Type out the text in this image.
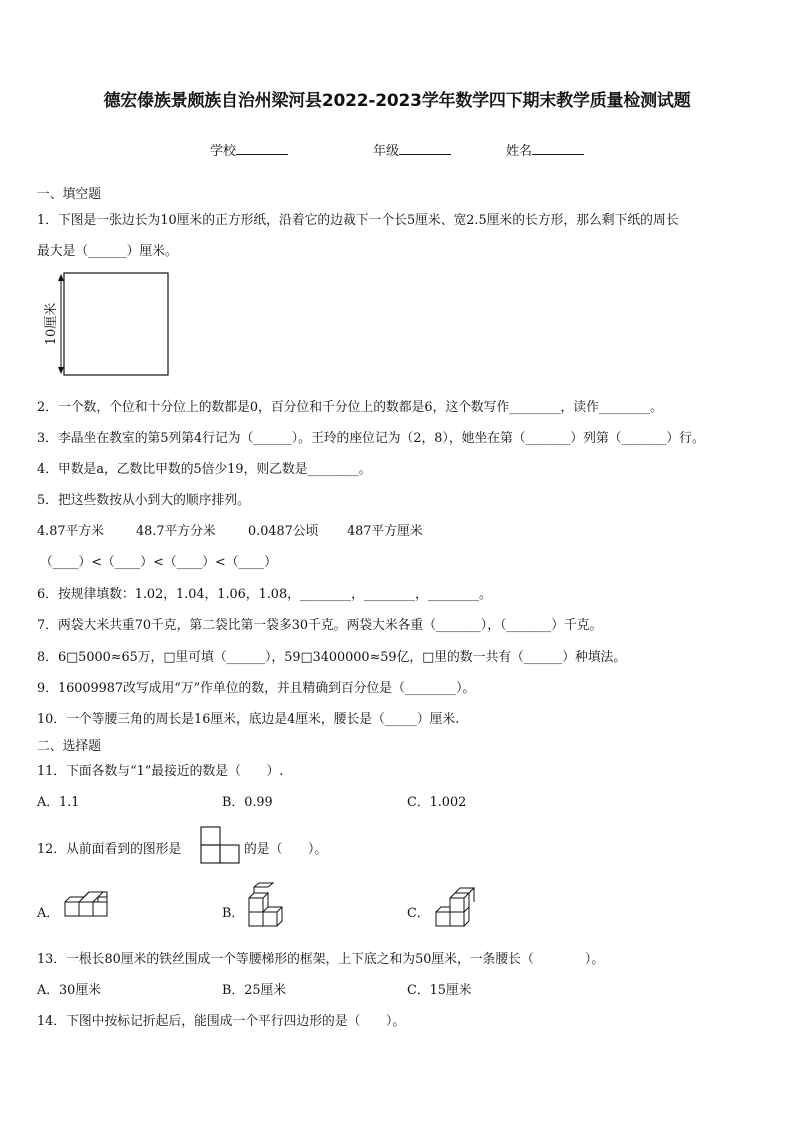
德宏傣族景颇族自治州梁河县2022-2023学年数学四下期末教学质量检测试题
学校	年级	姓名
一、填空题
1．下图是一张边长为10厘米的正方形纸，沿着它的边裁下一个长5厘米、宽2.5厘米的长方形，那么剩下纸的周长
最大是（______）厘米。
10厘米
2．一个数，个位和十分位上的数都是0，百分位和千分位上的数都是6，这个数写作________，读作________。
3．李晶坐在教室的第5列第4行记为（______）。王玲的座位记为（2，8），她坐在第（_______）列第（_______）行。
4．甲数是a，乙数比甲数的5倍少19，则乙数是________。
5．把这些数按从小到大的顺序排列。
4.87平方米	48.7平方分米	0.0487公顷 487平方厘米
（____）<（____）<（____）<（____）
6．按规律填数：1.02，1.04，1.06，1.08，________，________，________。
7．两袋大米共重70千克，第二袋比第一袋多30千克。两袋大米各重（_______），（_______）千克。
8．6□5000≈65万，□里可填（______），59□3400000≈59亿，□里的数一共有（______）种填法。
9．16009987改写成用“万”作单位的数，并且精确到百分位是（________）。
10．一个等腰三角的周长是16厘米，底边是4厘米，腰长是（_____）厘米.
二、选择题
11．下面各数与“1”最接近的数是（　　）.
A．1.1	B．0.99	C．1.002
12．从前面看到的图形是	的是（　　）。
A．	B．	C．
13．一根长80厘米的铁丝围成一个等腰梯形的框架，上下底之和为50厘米，一条腰长（　　　　）。
A．30厘米	B．25厘米	C．15厘米
14．下图中按标记折起后，能围成一个平行四边形的是（　　）。
